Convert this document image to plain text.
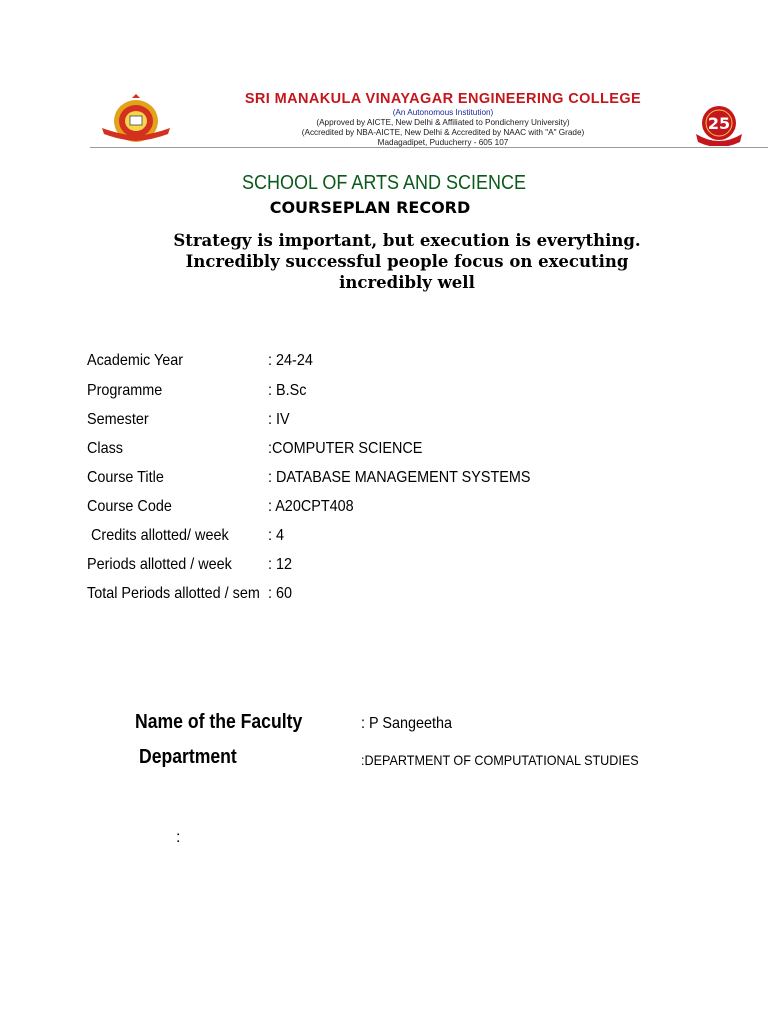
SRI MANAKULA VINAYAGAR ENGINEERING COLLEGE
(An Autonomous Institution)
(Approved by AICTE, New Delhi & Affiliated to Pondicherry University)
(Accredited by NBA-AICTE, New Delhi & Accredited by NAAC with "A" Grade)
Madagadipet, Puducherry - 605 107
25
SCHOOL OF ARTS AND SCIENCE
COURSEPLAN RECORD
Strategy is important, but execution is everything.
Incredibly successful people focus on executing
incredibly well
Academic Year	: 24-24
Programme	: B.Sc
Semester	: IV
Class	:COMPUTER SCIENCE
Course Title	: DATABASE MANAGEMENT SYSTEMS
Course Code	: A20CPT408
Credits allotted/ week : 4
Periods allotted / week : 12
Total Periods allotted / sem : 60
Name of the Faculty	: P Sangeetha
Department	:DEPARTMENT OF COMPUTATIONAL STUDIES
:
